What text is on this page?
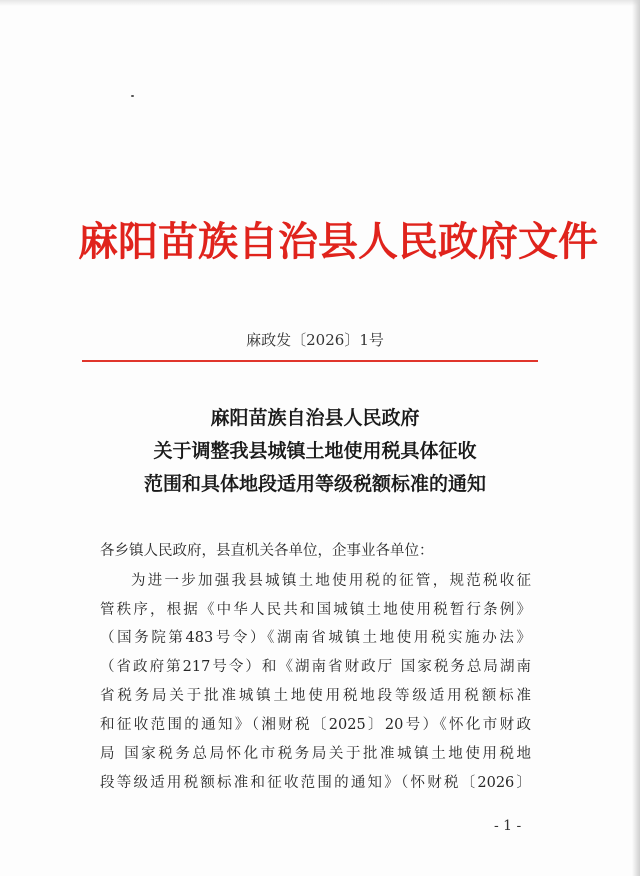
麻阳苗族自治县人民政府文件
麻政发〔2026〕1号
麻阳苗族自治县人民政府
关于调整我县城镇土地使用税具体征收
范围和具体地段适用等级税额标准的通知
各乡镇人民政府，县直机关各单位，企事业各单位：
为进一步加强我县城镇土地使用税的征管，规范税收征
管秩序，根据《中华人民共和国城镇土地使用税暂行条例》
（国务院第483号令）《湖南省城镇土地使用税实施办法》
（省政府第217号令）和《湖南省财政厅 国家税务总局湖南
省税务局关于批准城镇土地使用税地段等级适用税额标准
和征收范围的通知》（湘财税〔2025〕20号）《怀化市财政
局 国家税务总局怀化市税务局关于批准城镇土地使用税地
段等级适用税额标准和征收范围的通知》（怀财税〔2026〕
- 1 -
